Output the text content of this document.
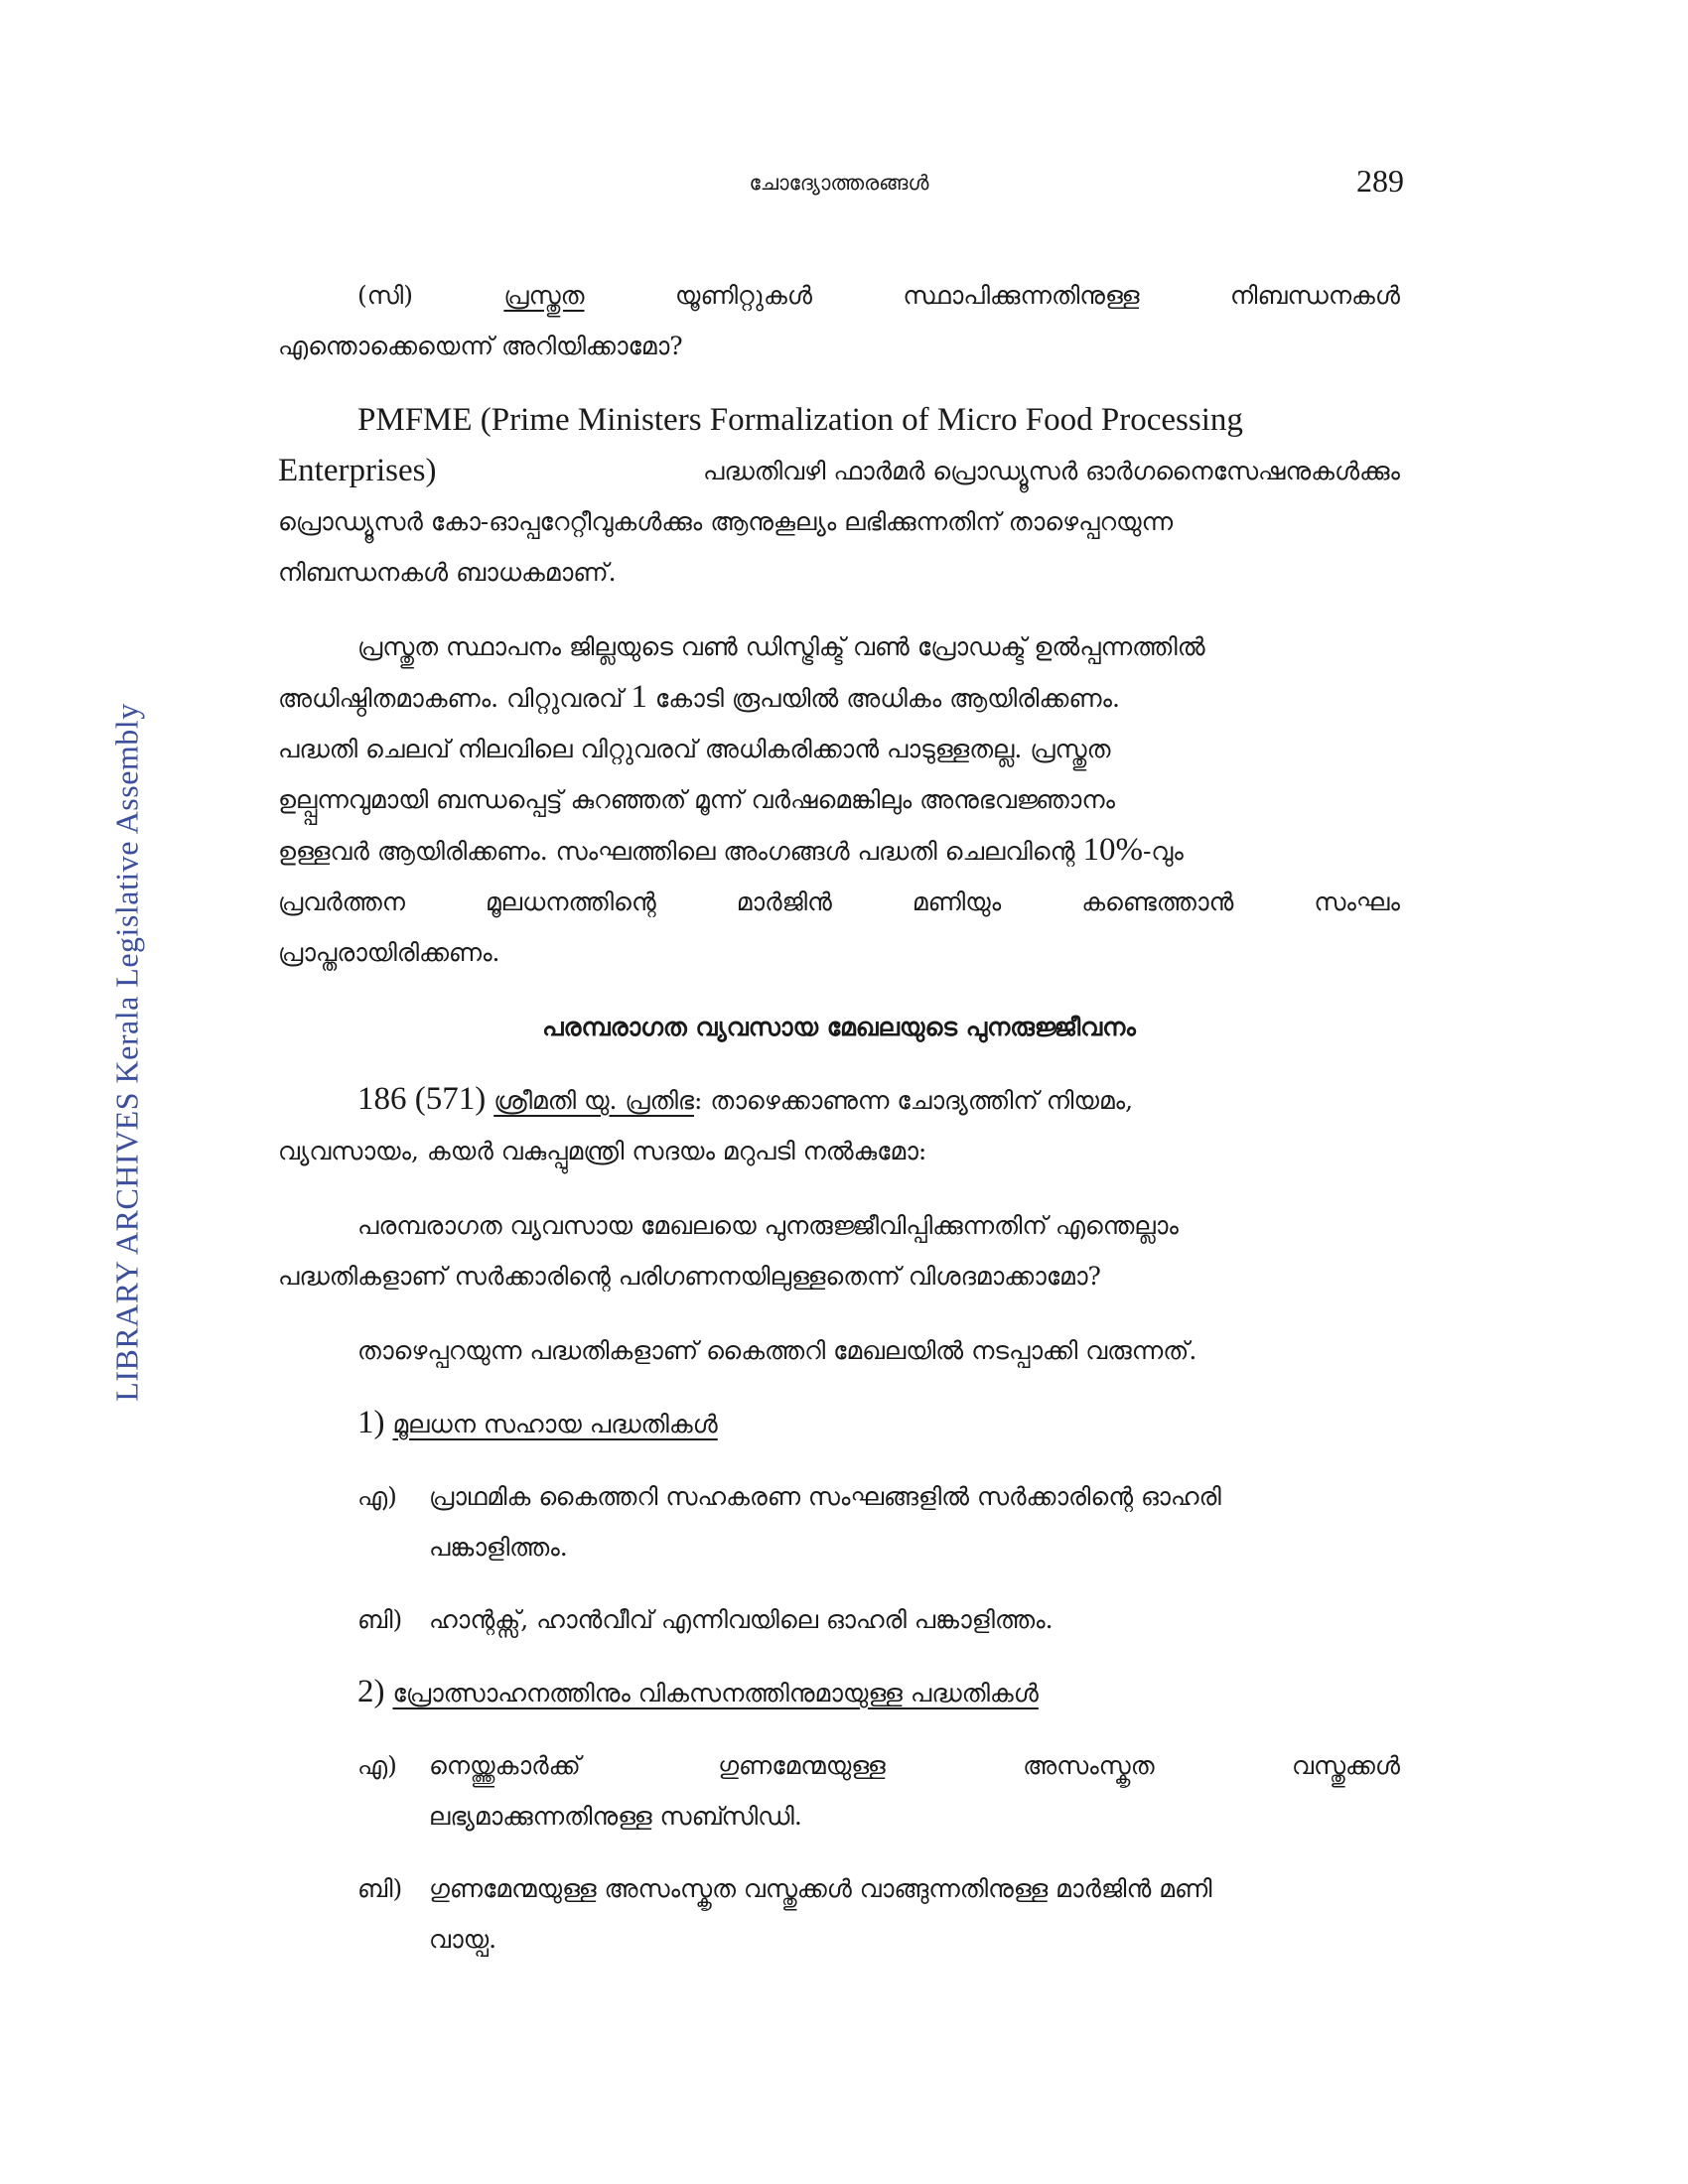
LIBRARY ARCHIVES Kerala Legislative Assembly
ചോദ്യോത്തരങ്ങൾ	289

(സി)	പ്രസ്തുത	യൂണിറ്റുകൾ	സ്ഥാപിക്കുന്നതിനുള്ള	നിബന്ധനകൾ

എന്തൊക്കെയെന്ന് അറിയിക്കാമോ?

PMFME (Prime Ministers Formalization of Micro Food Processing

Enterprises)	പദ്ധതിവഴി ഫാർമർ പ്രൊഡ്യൂസർ ഓർഗനൈസേഷനുകൾക്കും

പ്രൊഡ്യൂസർ കോ-ഓപ്പറേറ്റീവുകൾക്കും ആനുകൂല്യം ലഭിക്കുന്നതിന് താഴെപ്പറയുന്ന

നിബന്ധനകൾ ബാധകമാണ്.

പ്രസ്തുത സ്ഥാപനം ജില്ലയുടെ വൺ ഡിസ്ട്രിക്ട് വൺ പ്രോഡക്ട് ഉൽപ്പന്നത്തിൽ

അധിഷ്ഠിതമാകണം. വിറ്റുവരവ് 1 കോടി രൂപയിൽ അധികം ആയിരിക്കണം.

പദ്ധതി ചെലവ് നിലവിലെ വിറ്റുവരവ് അധികരിക്കാൻ പാടുള്ളതല്ല. പ്രസ്തുത

ഉല്പ്പന്നവുമായി ബന്ധപ്പെട്ട് കുറഞ്ഞത് മൂന്ന് വർഷമെങ്കിലും അനുഭവജ്ഞാനം

ഉള്ളവർ ആയിരിക്കണം. സംഘത്തിലെ അംഗങ്ങൾ പദ്ധതി ചെലവിന്റെ 10%-വും

പ്രവർത്തന	മൂലധനത്തിന്റെ	മാർജിൻ	മണിയും	കണ്ടെത്താൻ	സംഘം

പ്രാപ്തരായിരിക്കണം.

പരമ്പരാഗത വ്യവസായ മേഖലയുടെ പുനരുജ്ജീവനം

186 (571) ശ്രീമതി യു. പ്രതിഭ: താഴെക്കാണുന്ന ചോദ്യത്തിന് നിയമം,

വ്യവസായം, കയർ വകുപ്പുമന്ത്രി സദയം മറുപടി നൽകുമോ:

പരമ്പരാഗത വ്യവസായ മേഖലയെ പുനരുജ്ജീവിപ്പിക്കുന്നതിന് എന്തെല്ലാം

പദ്ധതികളാണ് സർക്കാരിന്റെ പരിഗണനയിലുള്ളതെന്ന് വിശദമാക്കാമോ?

താഴെപ്പറയുന്ന പദ്ധതികളാണ് കൈത്തറി മേഖലയിൽ നടപ്പാക്കി വരുന്നത്.

1) മൂലധന സഹായ പദ്ധതികൾ

എ)	പ്രാഥമിക കൈത്തറി സഹകരണ സംഘങ്ങളിൽ സർക്കാരിന്റെ ഓഹരി

പങ്കാളിത്തം.

ബി)	ഹാന്റക്സ്, ഹാൻവീവ് എന്നിവയിലെ ഓഹരി പങ്കാളിത്തം.

2) പ്രോത്സാഹനത്തിനും വികസനത്തിനുമായുള്ള പദ്ധതികൾ

എ)	നെയ്ത്തുകാർക്ക്	ഗുണമേന്മയുള്ള	അസംസ്കൃത	വസ്തുക്കൾ

ലഭ്യമാക്കുന്നതിനുള്ള സബ്സിഡി.

ബി)	ഗുണമേന്മയുള്ള അസംസ്കൃത വസ്തുക്കൾ വാങ്ങുന്നതിനുള്ള മാർജിൻ മണി

വായ്പ.
